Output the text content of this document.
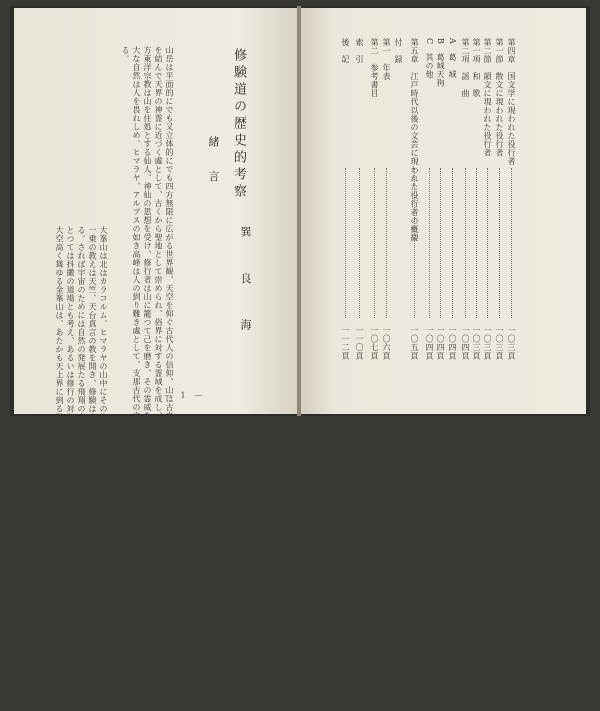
山岳は平面的にでも又立体的にでも四方無限に広がる世界観、天空を仰ぐ古代人の信仰、山は古来から地上の衆生を
を結んで天界の神霊に近づく處として、古くから聖地として崇められ、俗界に対する霊域を成し、俗者の入山を戒めた
方東洋宗教は山を住処とする仙人、神仙の思想を受け、修行者は山に籠つて己を磨き、その霊威を得んとした
大な自然は人を畏れしめ、ヒマラヤ、アルプスの如き高峰は人の到り難き處として、支那古代の文化を育める霊山、
る。
大峯山は北はカラコルム、ヒマラヤの山中にその修行の道場を求めて、仏教を開創し、修験道の開祖役小角は、金峯山
一乗の教えは天竺、天台真言の教を開き、修験は山林抖擻の行として、実に山は人類の為に尽くさるべき天地である、
る。されば宇宙のためには自然の発展たる飛翔の宝庫とも、神霊の住み家ともなる山岳を尊崇するは、自然の理である
とつては抖擻の道場とも考え、あるいは修行の対象とも、日本人にとっては高く仰がるる霊峰であった、しかも眼下の大天井、
大空高く聳ゆる金峯山は、あたかも天上界に到る階梯の如く、仙人の棲家とも見え、山伏の峯入は、小笠原等の
修験道の歴史的考察
緒 言
巽 良 海
— 1 —
第四章　国文学に現われた役行者
一〇三頁
第一節　散文に現われた役行者
一〇三頁
第二節　韻文に現われた役行者
一〇三頁
第一項　和　歌
一〇三頁
第二項　謡　曲
一〇四頁
A　葛　城
一〇四頁
B　葛城天狗
一〇四頁
C　其の他
一〇四頁
第五章　江戸時代以後の文芸に現われた役行者の概観
一〇五頁
付　録
第一　年表
一〇六頁
第二　参考書目
一〇七頁
索　引
一一〇頁
後　記
一一二頁
